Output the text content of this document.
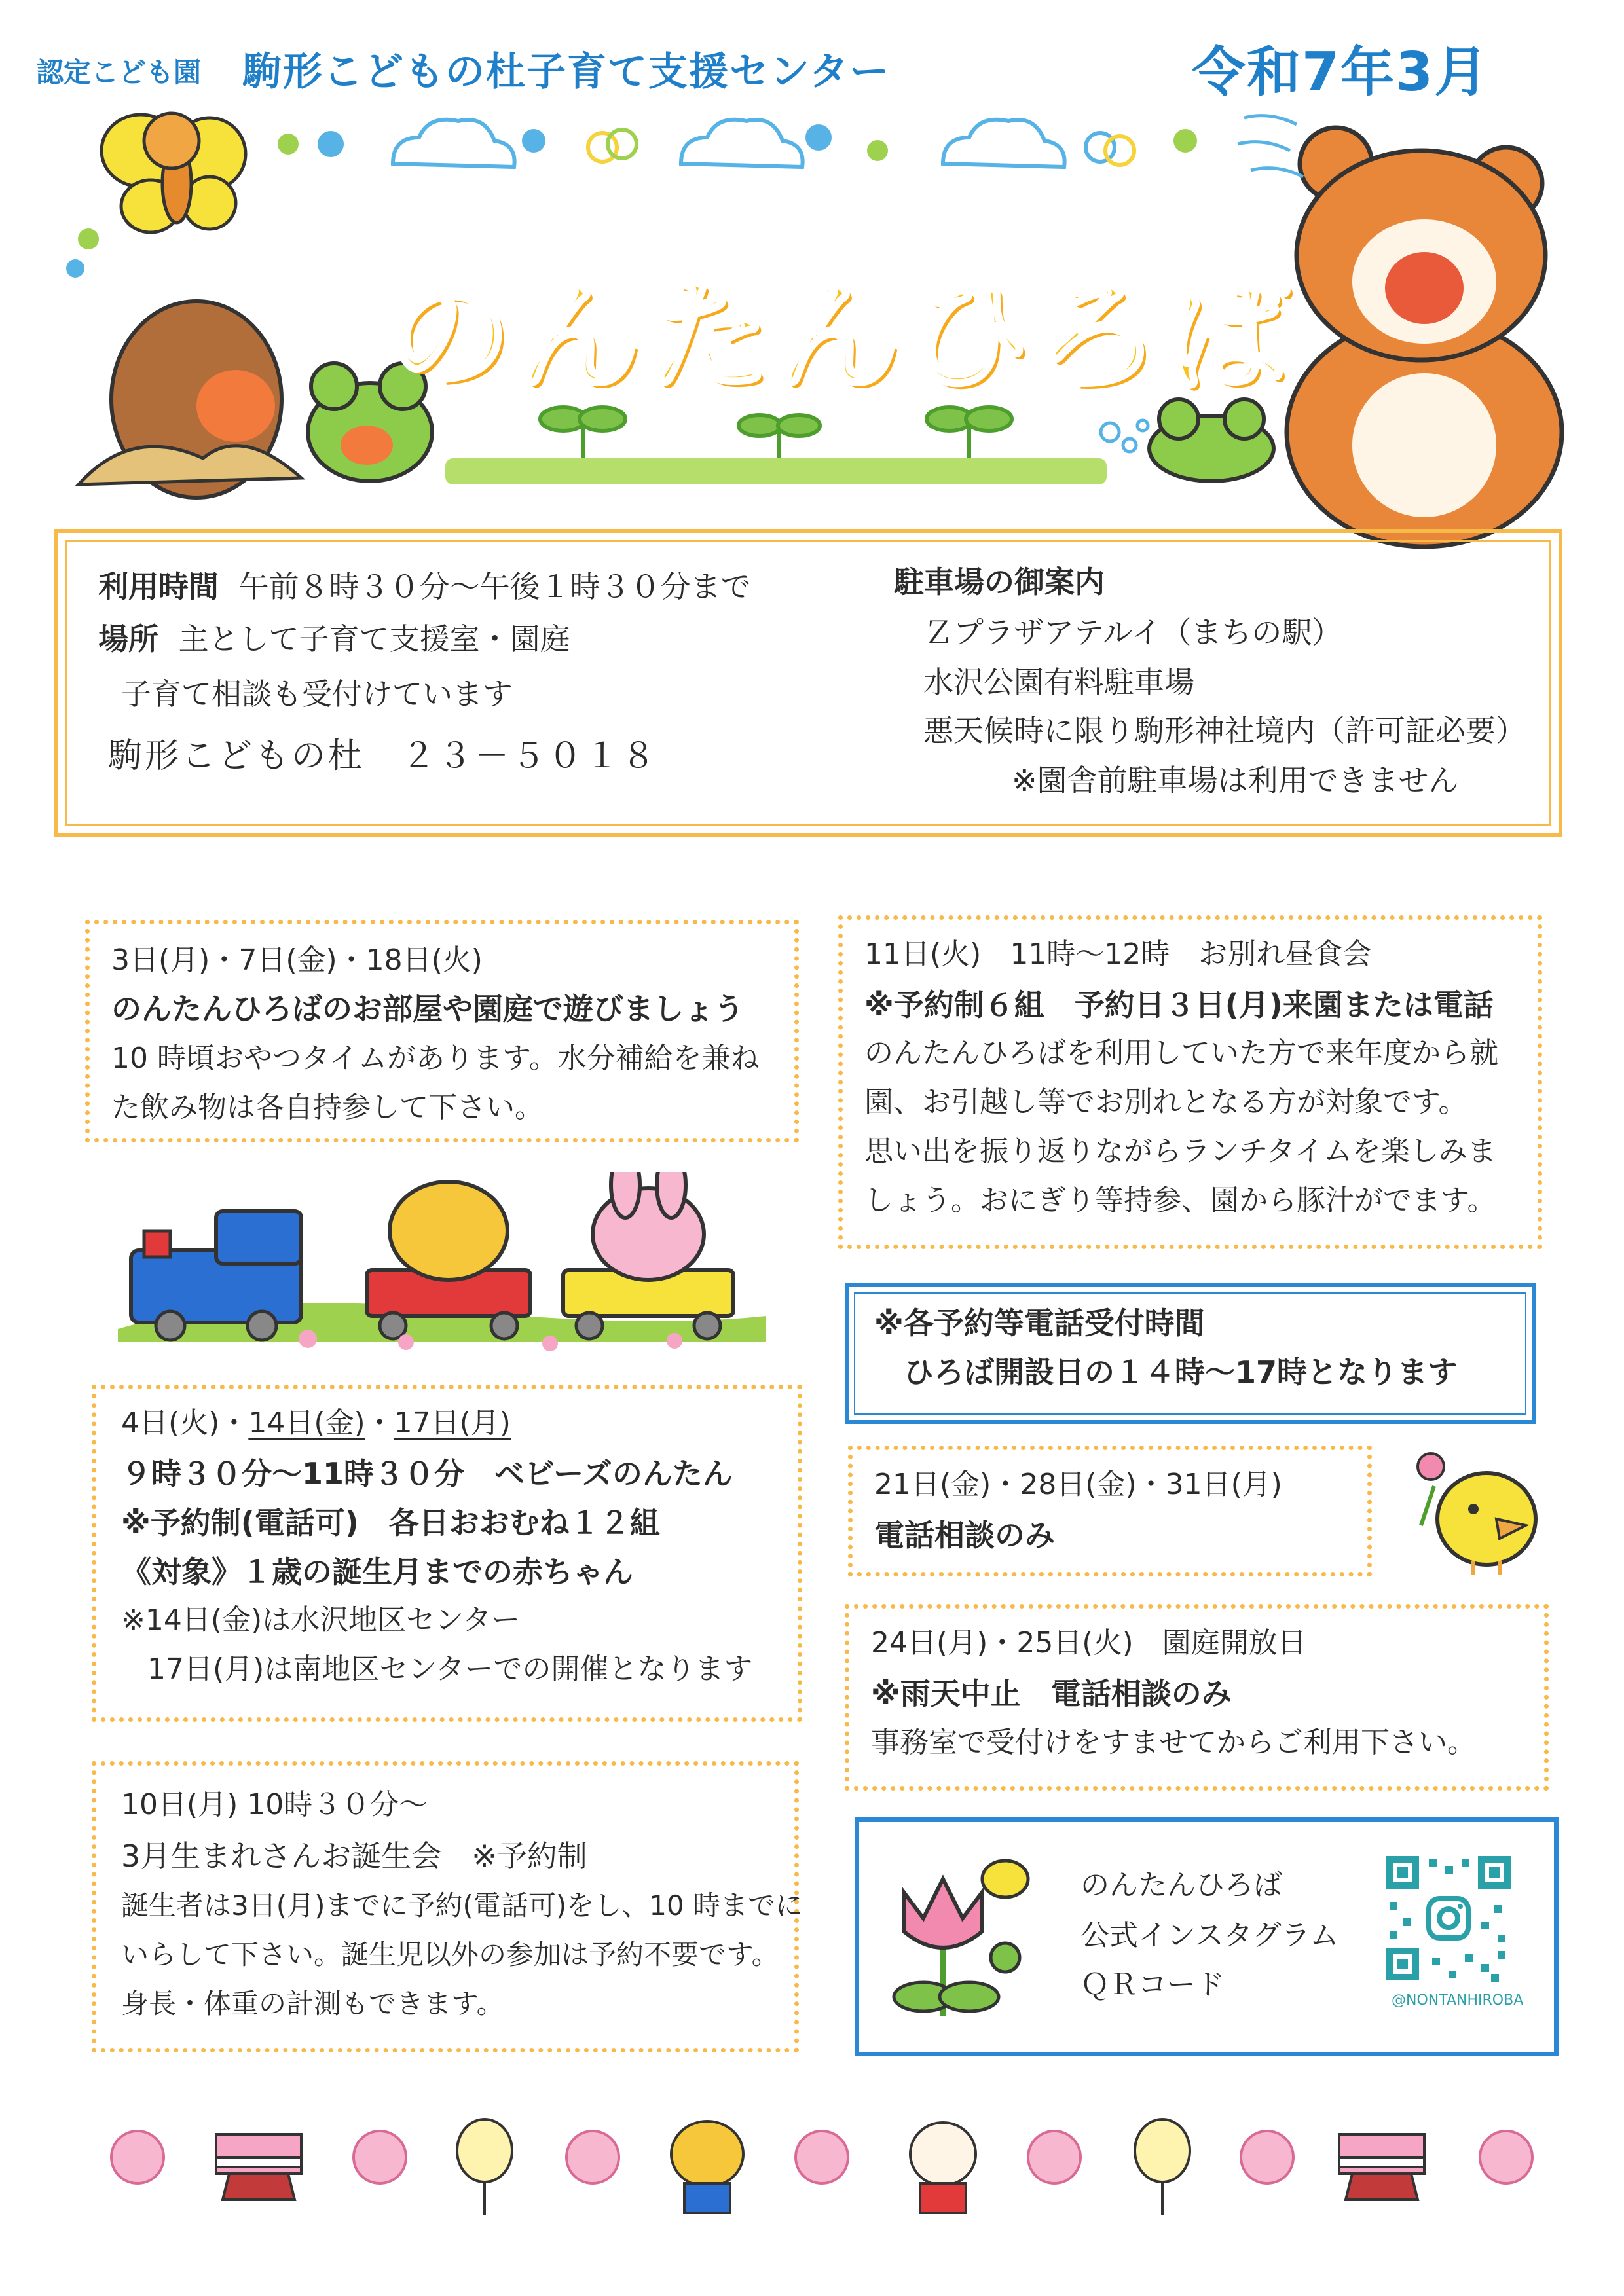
認定こども園 駒形こどもの杜子育て支援センター	令和7年3月
のんたんひろば
利用時間 午前８時３０分～午後１時３０分まで
場所 主として子育て支援室・園庭
子育て相談も受付けています
駒形こどもの杜　２３－５０１８
駐車場の御案内
Ｚプラザアテルイ（まちの駅）
水沢公園有料駐車場
悪天候時に限り駒形神社境内（許可証必要）
※園舎前駐車場は利用できません
3日(月)・7日(金)・18日(火)
のんたんひろばのお部屋や園庭で遊びましょう
10 時頃おやつタイムがあります。水分補給を兼ね
た飲み物は各自持参して下さい。
11日(火)　11時～12時　お別れ昼食会
※予約制６組　予約日３日(月)来園または電話
のんたんひろばを利用していた方で来年度から就
園、お引越し等でお別れとなる方が対象です。
思い出を振り返りながらランチタイムを楽しみま
しょう。おにぎり等持参、園から豚汁がでます。
※各予約等電話受付時間
ひろば開設日の１４時～17時となります
4日(火)・14日(金)・17日(月)
９時３０分～11時３０分　ベビーズのんたん
※予約制(電話可)　各日おおむね１２組
《対象》１歳の誕生月までの赤ちゃん
※14日(金)は水沢地区センター
17日(月)は南地区センターでの開催となります
21日(金)・28日(金)・31日(月)
電話相談のみ
24日(月)・25日(火)　園庭開放日
※雨天中止　電話相談のみ
事務室で受付けをすませてからご利用下さい。
10日(月) 10時３０分～
3月生まれさんお誕生会　※予約制
誕生者は3日(月)までに予約(電話可)をし、10 時までに
いらして下さい。誕生児以外の参加は予約不要です。
身長・体重の計測もできます。
のんたんひろば
公式インスタグラム
ＱＲコード	@NONTANHIROBA
